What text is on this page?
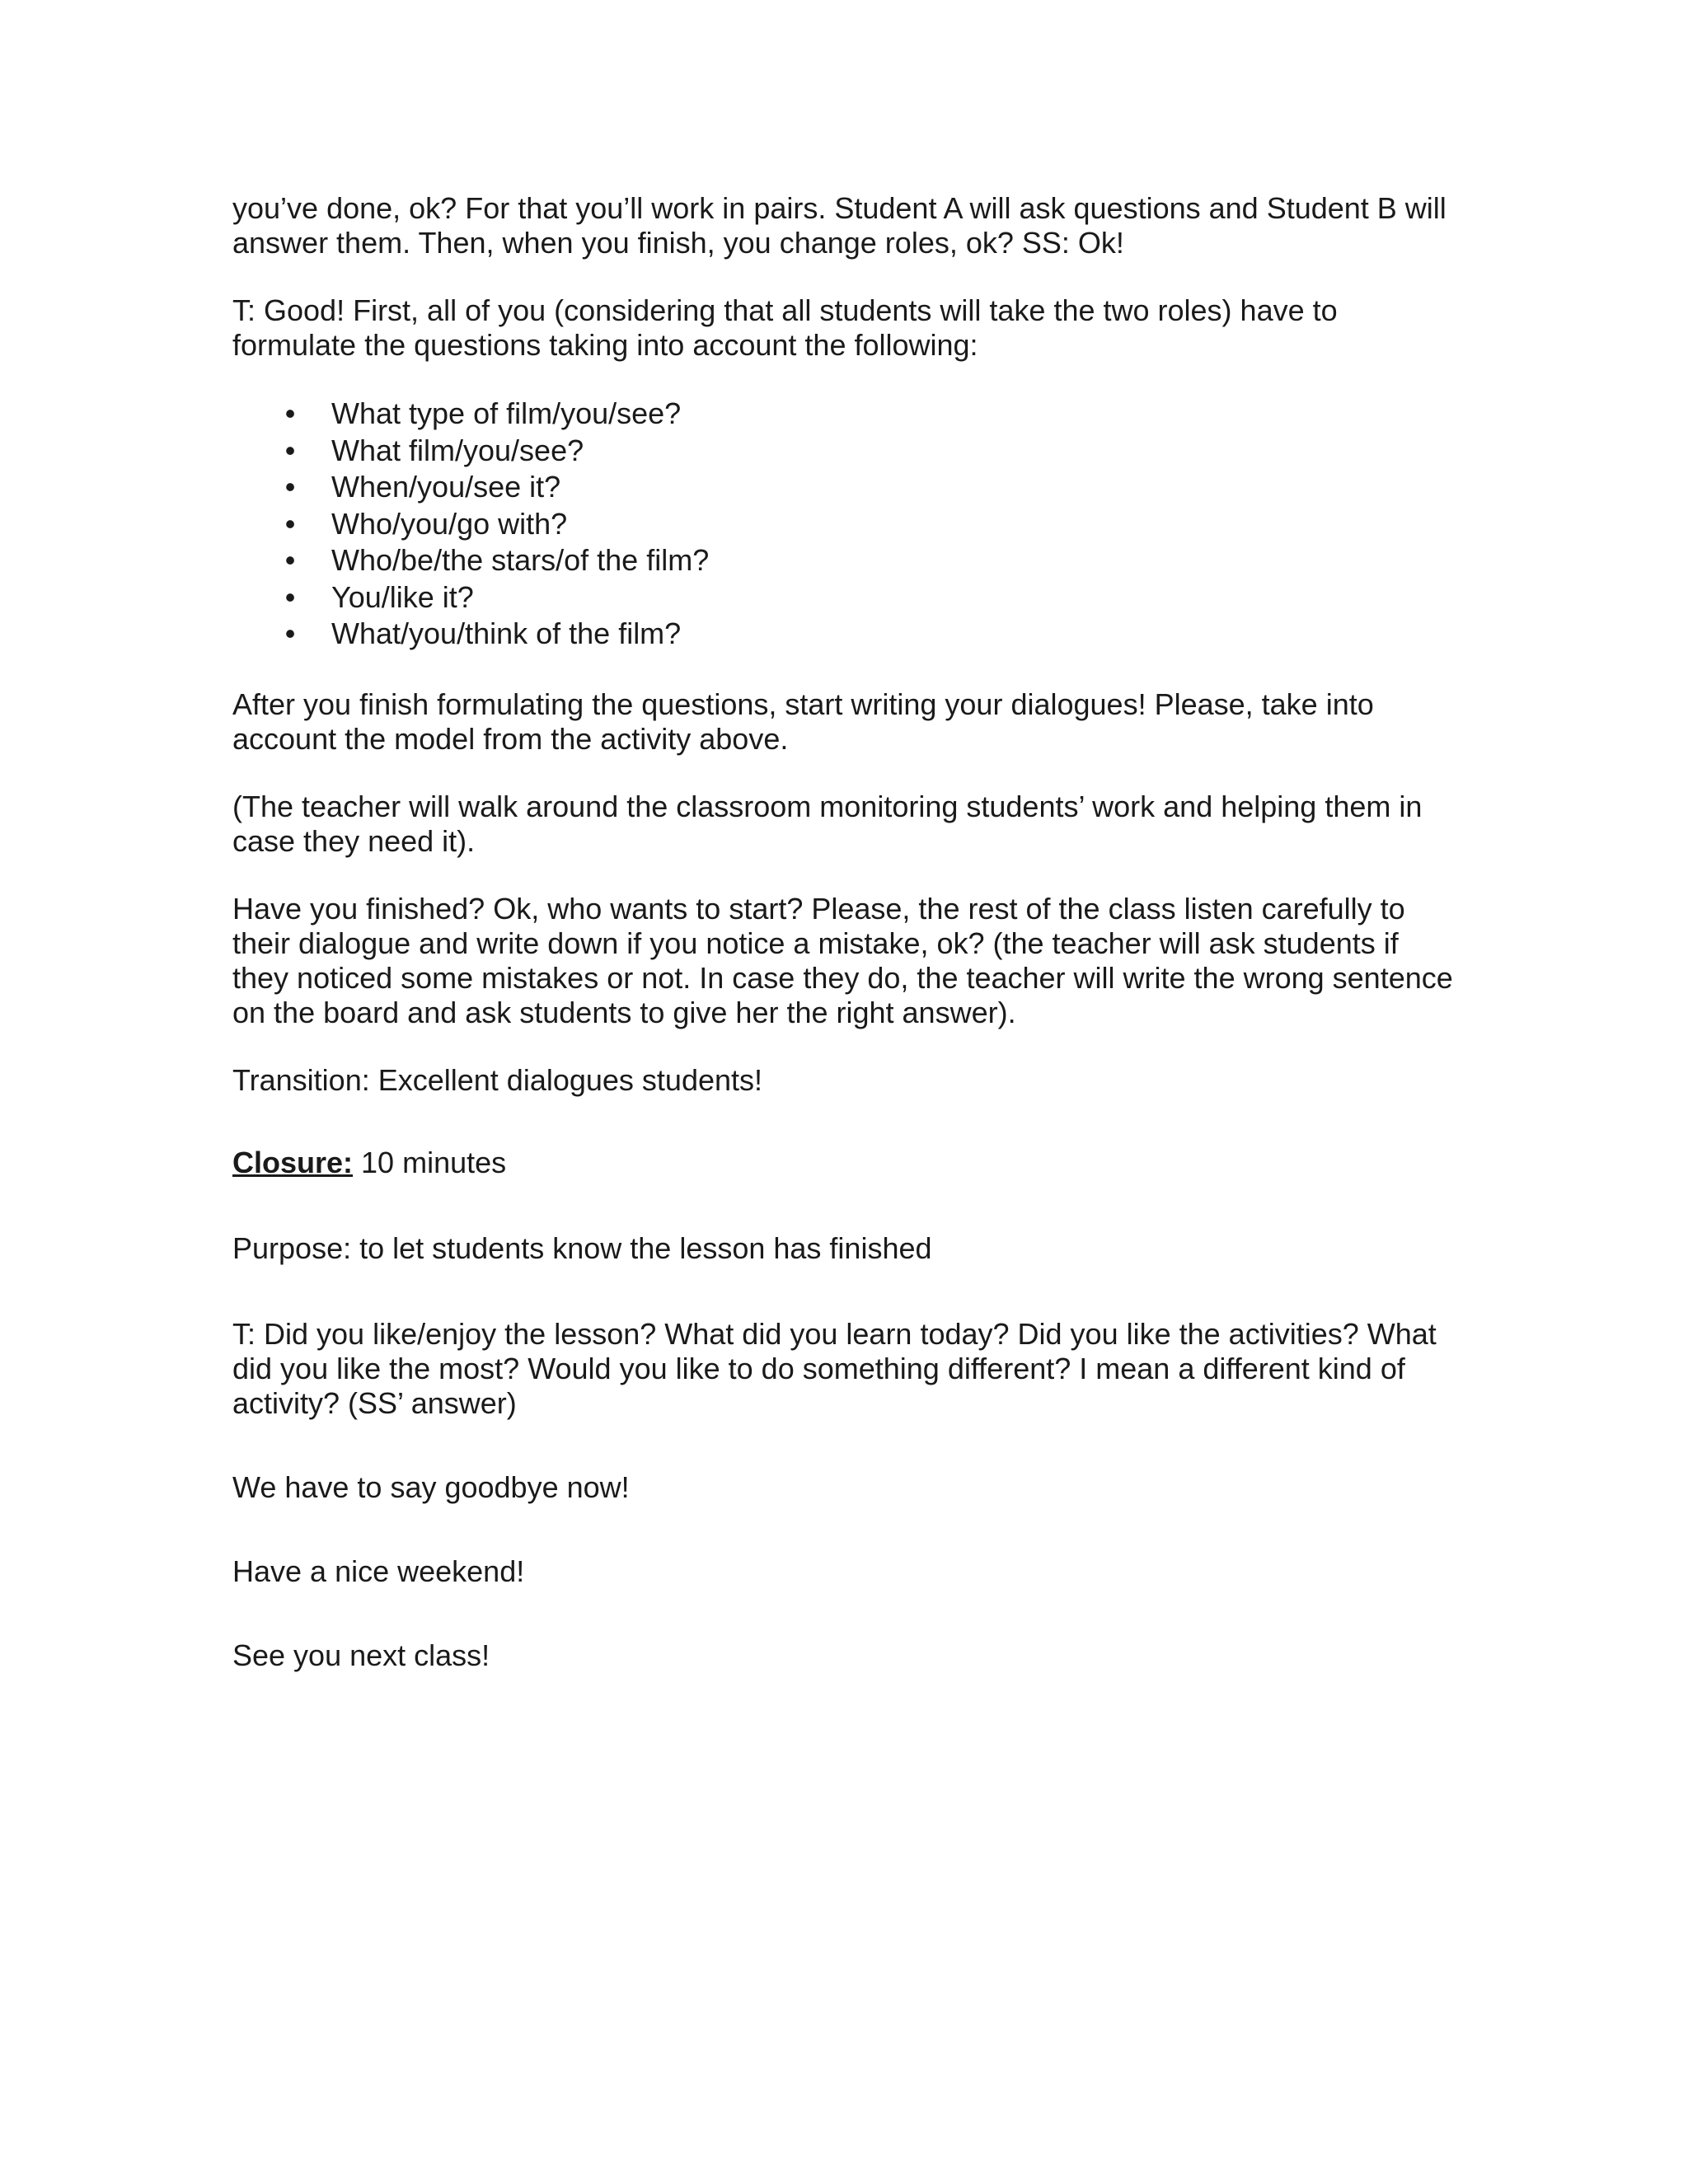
you’ve done, ok? For that you’ll work in pairs. Student A will ask questions and Student B will answer them. Then, when you finish, you change roles, ok? SS: Ok!

T: Good! First, all of you (considering that all students will take the two roles) have to formulate the questions taking into account the following:

• What type of film/you/see?
• What film/you/see?
• When/you/see it?
• Who/you/go with?
• Who/be/the stars/of the film?
• You/like it?
• What/you/think of the film?

After you finish formulating the questions, start writing your dialogues! Please, take into account the model from the activity above.

(The teacher will walk around the classroom monitoring students’ work and helping them in case they need it).

Have you finished? Ok, who wants to start? Please, the rest of the class listen carefully to their dialogue and write down if you notice a mistake, ok? (the teacher will ask students if they noticed some mistakes or not. In case they do, the teacher will write the wrong sentence on the board and ask students to give her the right answer).

Transition: Excellent dialogues students!

Closure: 10 minutes

Purpose: to let students know the lesson has finished

T: Did you like/enjoy the lesson? What did you learn today? Did you like the activities? What did you like the most? Would you like to do something different? I mean a different kind of activity? (SS’ answer)

We have to say goodbye now!

Have a nice weekend!

See you next class!
